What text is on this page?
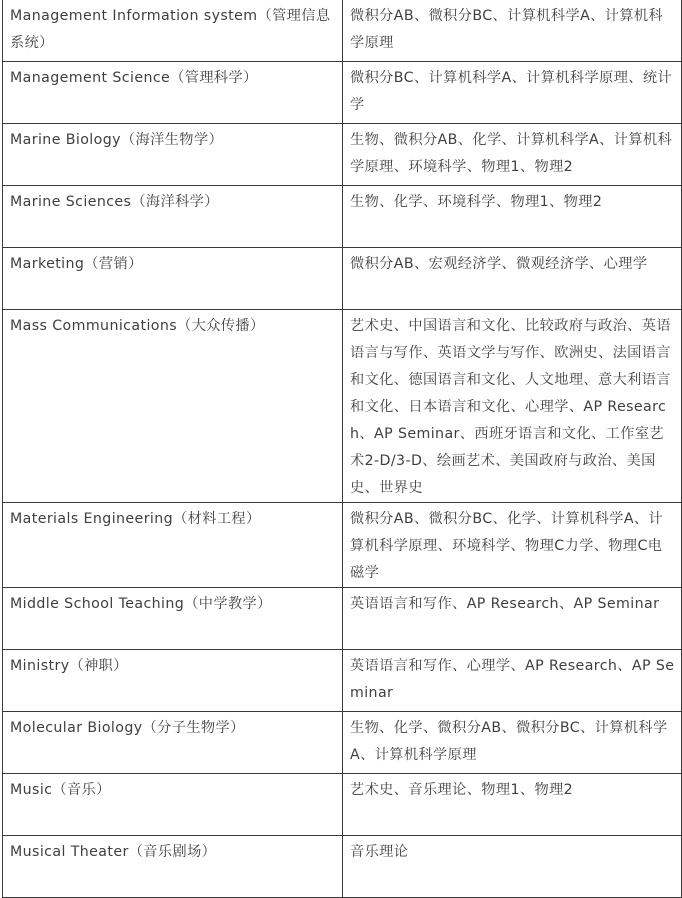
Management Information system（管理信息系统）	微积分AB、微积分BC、计算机科学A、计算机科学原理
Management Science（管理科学）	微积分BC、计算机科学A、计算机科学原理、统计学
Marine Biology（海洋生物学）	生物、微积分AB、化学、计算机科学A、计算机科学原理、环境科学、物理1、物理2
Marine Sciences（海洋科学）	生物、化学、环境科学、物理1、物理2
Marketing（营销）	微积分AB、宏观经济学、微观经济学、心理学
Mass Communications（大众传播）	艺术史、中国语言和文化、比较政府与政治、英语语言与写作、英语文学与写作、欧洲史、法国语言和文化、德国语言和文化、人文地理、意大利语言和文化、日本语言和文化、心理学、AP Research、AP Seminar、西班牙语言和文化、工作室艺术2-D/3-D、绘画艺术、美国政府与政治、美国史、世界史
Materials Engineering（材料工程）	微积分AB、微积分BC、化学、计算机科学A、计算机科学原理、环境科学、物理C力学、物理C电磁学
Middle School Teaching（中学教学）	英语语言和写作、AP Research、AP Seminar
Ministry（神职）	英语语言和写作、心理学、AP Research、AP Seminar
Molecular Biology（分子生物学）	生物、化学、微积分AB、微积分BC、计算机科学A、计算机科学原理
Music（音乐）	艺术史、音乐理论、物理1、物理2
Musical Theater（音乐剧场）	音乐理论
